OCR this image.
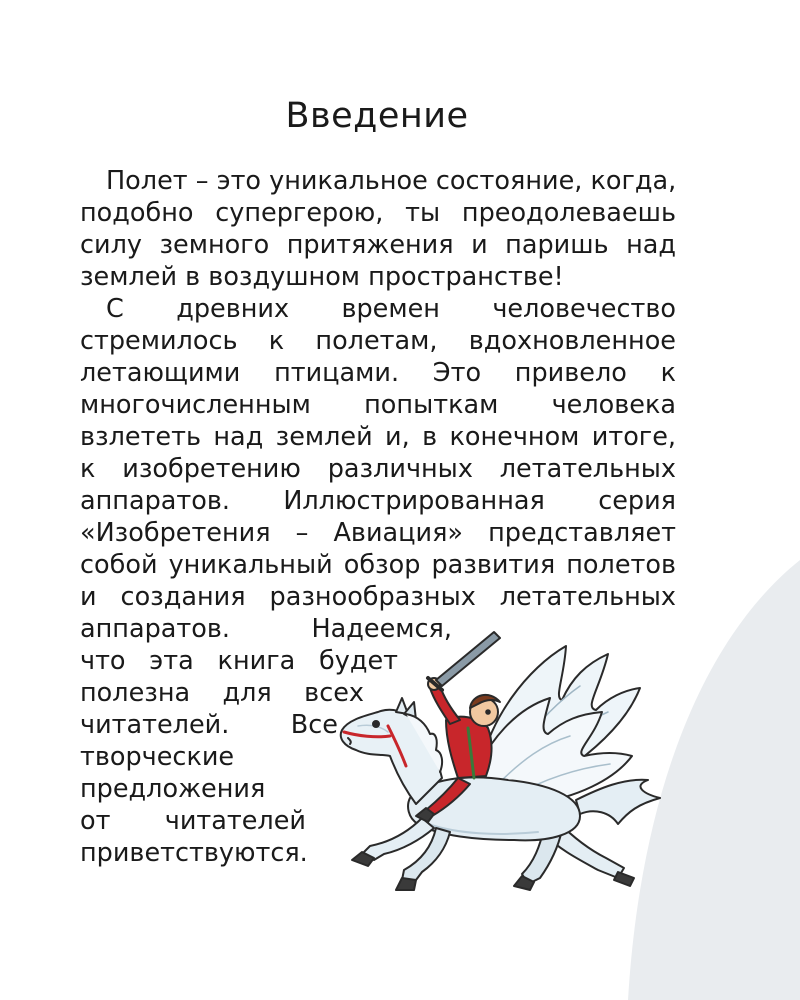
Введение
Полет – это уникальное состояние, когда,
подобно супергерою, ты преодолеваешь
силу земного притяжения и паришь над
землей в воздушном пространстве!
С древних времен человечество
стремилось к полетам, вдохновленное
летающими птицами. Это привело к
многочисленным попыткам человека
взлететь над землей и, в конечном итоге,
к изобретению различных летательных
аппаратов. Иллюстрированная серия
«Изобретения – Авиация» представляет
собой уникальный обзор развития полетов
и создания разнообразных летательных
аппаратов. Надеемся,
что эта книга будет
полезна для всех
читателей. Все
творческие
предложения
от читателей
приветствуются.
